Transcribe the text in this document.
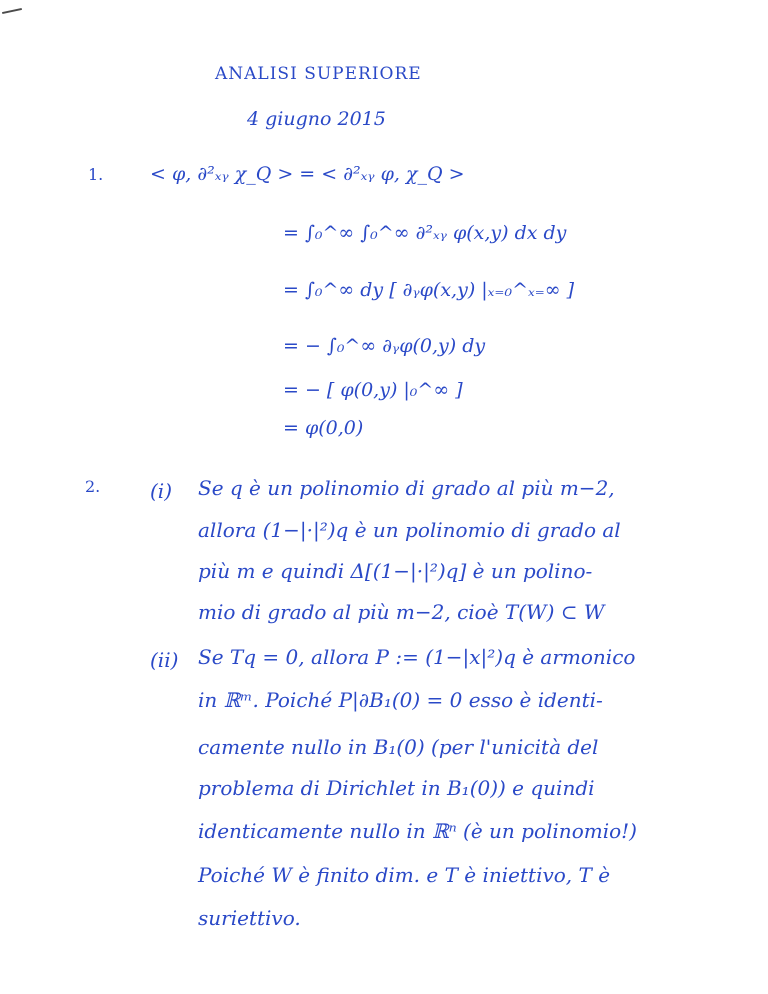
ANALISI SUPERIORE
4 giugno 2015
1. < φ, ∂²ₓᵧ χ_Q > = < ∂²ₓᵧ φ, χ_Q >
= ∫₀^∞ ∫₀^∞ ∂²ₓᵧ φ(x,y) dx dy
= ∫₀^∞ dy [ ∂ᵧφ(x,y) |ₓ₌₀^ₓ₌∞ ]
= − ∫₀^∞ ∂ᵧφ(0,y) dy
= − [ φ(0,y) |₀^∞ ]
= φ(0,0)
2. (i) Se q è un polinomio di grado al più m−2,
allora (1−|·|²)q è un polinomio di grado al
più m e quindi Δ[(1−|·|²)q] è un polino-
mio di grado al più m−2, cioè T(W) ⊂ W
(ii) Se Tq = 0, allora P := (1−|x|²)q è armonico
in ℝᵐ. Poiché P|∂B₁(0) = 0 esso è identi-
camente nullo in B₁(0) (per l'unicità del
problema di Dirichlet in B₁(0)) e quindi
identicamente nullo in ℝⁿ (è un polinomio!)
Poiché W è finito dim. e T è iniettivo, T è
suriettivo.
